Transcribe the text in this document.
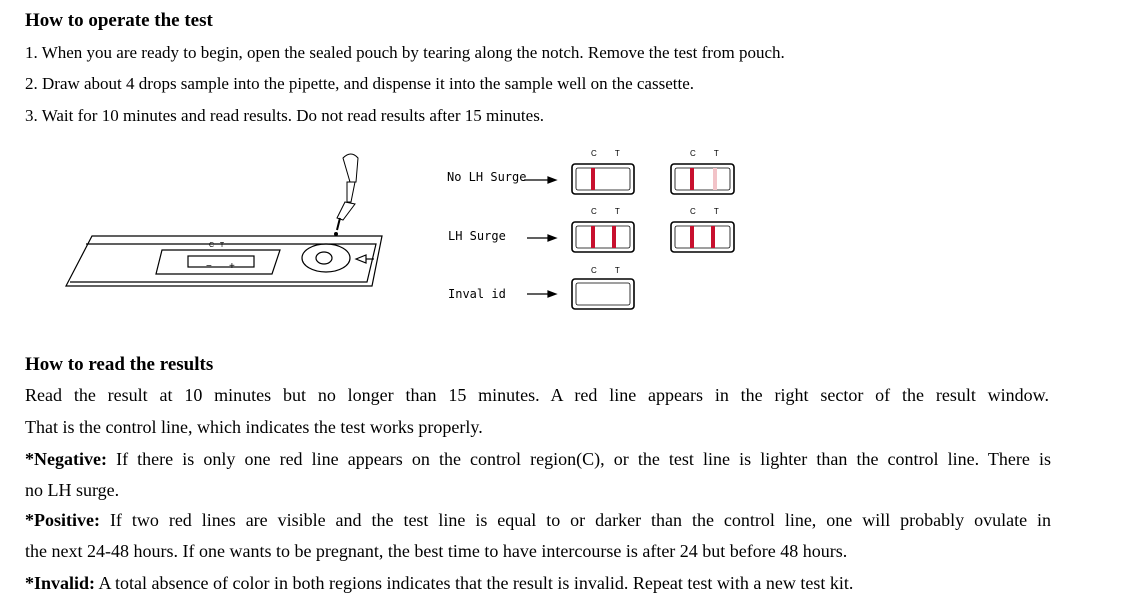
How to operate the test
1. When you are ready to begin, open the sealed pouch by tearing along the notch. Remove the test from pouch.
2. Draw about 4 drops sample into the pipette, and dispense it into the sample well on the cassette.
3. Wait for 10 minutes and read results. Do not read results after 15 minutes.
C T
− +
No LH Surge
LH Surge
Inval id
C T	C T
C T	C T
C T
How to read the results
Read the result at 10 minutes but no longer than 15 minutes. A red line appears in the right sector of the result window.
That is the control line, which indicates the test works properly.
*Negative: If there is only one red line appears on the control region(C), or the test line is lighter than the control line. There is
no LH surge.
*Positive: If two red lines are visible and the test line is equal to or darker than the control line, one will probably ovulate in
the next 24-48 hours. If one wants to be pregnant, the best time to have intercourse is after 24 but before 48 hours.
*Invalid: A total absence of color in both regions indicates that the result is invalid. Repeat test with a new test kit.
